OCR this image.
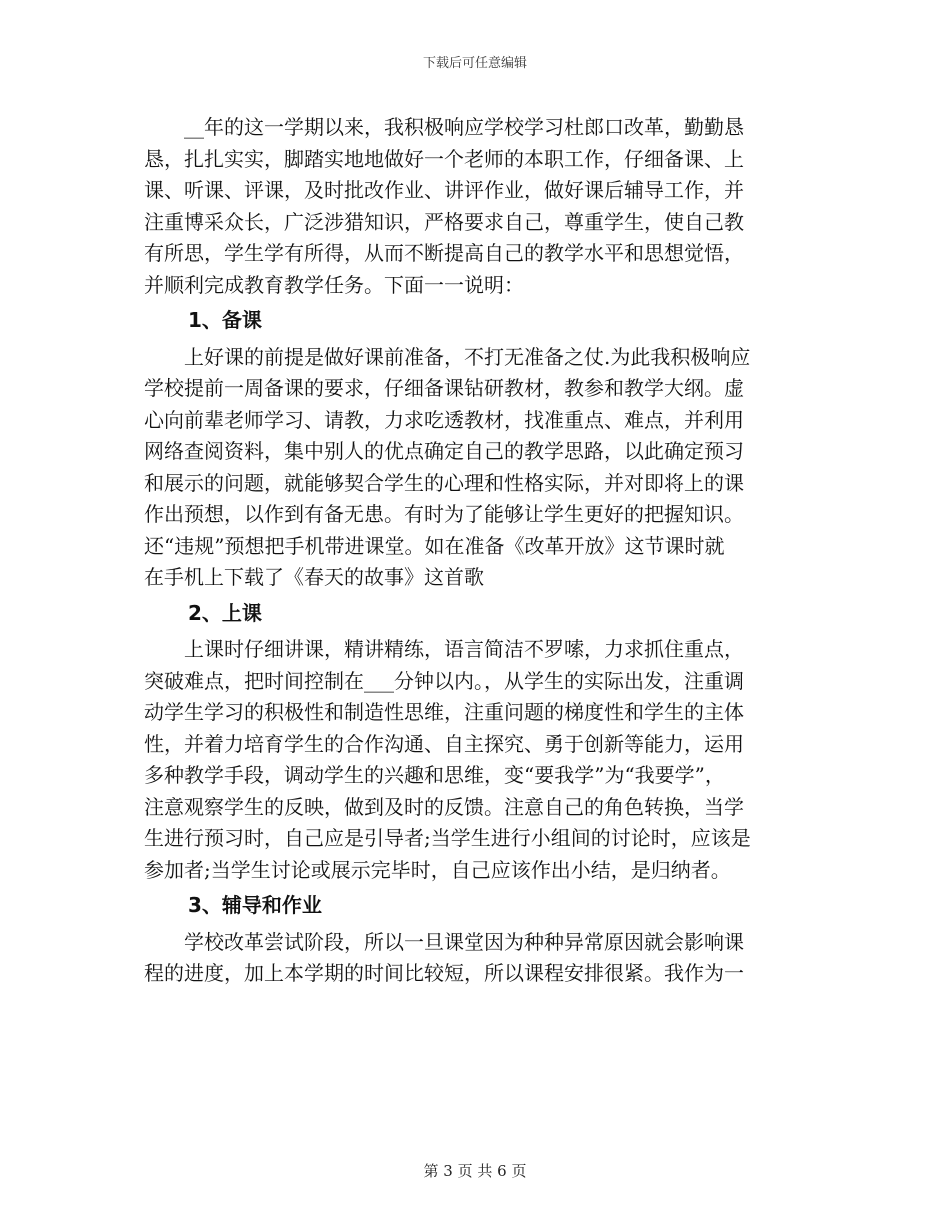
下载后可任意编辑
　　__年的这一学期以来，我积极响应学校学习杜郎口改革，勤勤恳
恳，扎扎实实，脚踏实地地做好一个老师的本职工作，仔细备课、上
课、听课、评课，及时批改作业、讲评作业，做好课后辅导工作，并
注重博采众长，广泛涉猎知识，严格要求自己，尊重学生，使自己教
有所思，学生学有所得，从而不断提高自己的教学水平和思想觉悟，
并顺利完成教育教学任务。下面一一说明：
1、备课
　　上好课的前提是做好课前准备，不打无准备之仗.为此我积极响应
学校提前一周备课的要求，仔细备课钻研教材，教参和教学大纲。虚
心向前辈老师学习、请教，力求吃透教材，找准重点、难点，并利用
网络查阅资料，集中别人的优点确定自己的教学思路，以此确定预习
和展示的问题，就能够契合学生的心理和性格实际，并对即将上的课
作出预想，以作到有备无患。有时为了能够让学生更好的把握知识。
还“违规”预想把手机带进课堂。如在准备《改革开放》这节课时就
在手机上下载了《春天的故事》这首歌
2、上课
　　上课时仔细讲课，精讲精练，语言简洁不罗嗦，力求抓住重点，
突破难点，把时间控制在___分钟以内。，从学生的实际出发，注重调
动学生学习的积极性和制造性思维，注重问题的梯度性和学生的主体
性，并着力培育学生的合作沟通、自主探究、勇于创新等能力，运用
多种教学手段，调动学生的兴趣和思维，变“要我学”为“我要学”，
注意观察学生的反映，做到及时的反馈。注意自己的角色转换，当学
生进行预习时，自己应是引导者;当学生进行小组间的讨论时，应该是
参加者;当学生讨论或展示完毕时，自己应该作出小结，是归纳者。
3、辅导和作业
　　学校改革尝试阶段，所以一旦课堂因为种种异常原因就会影响课
程的进度，加上本学期的时间比较短，所以课程安排很紧。我作为一
第 3 页 共 6 页
